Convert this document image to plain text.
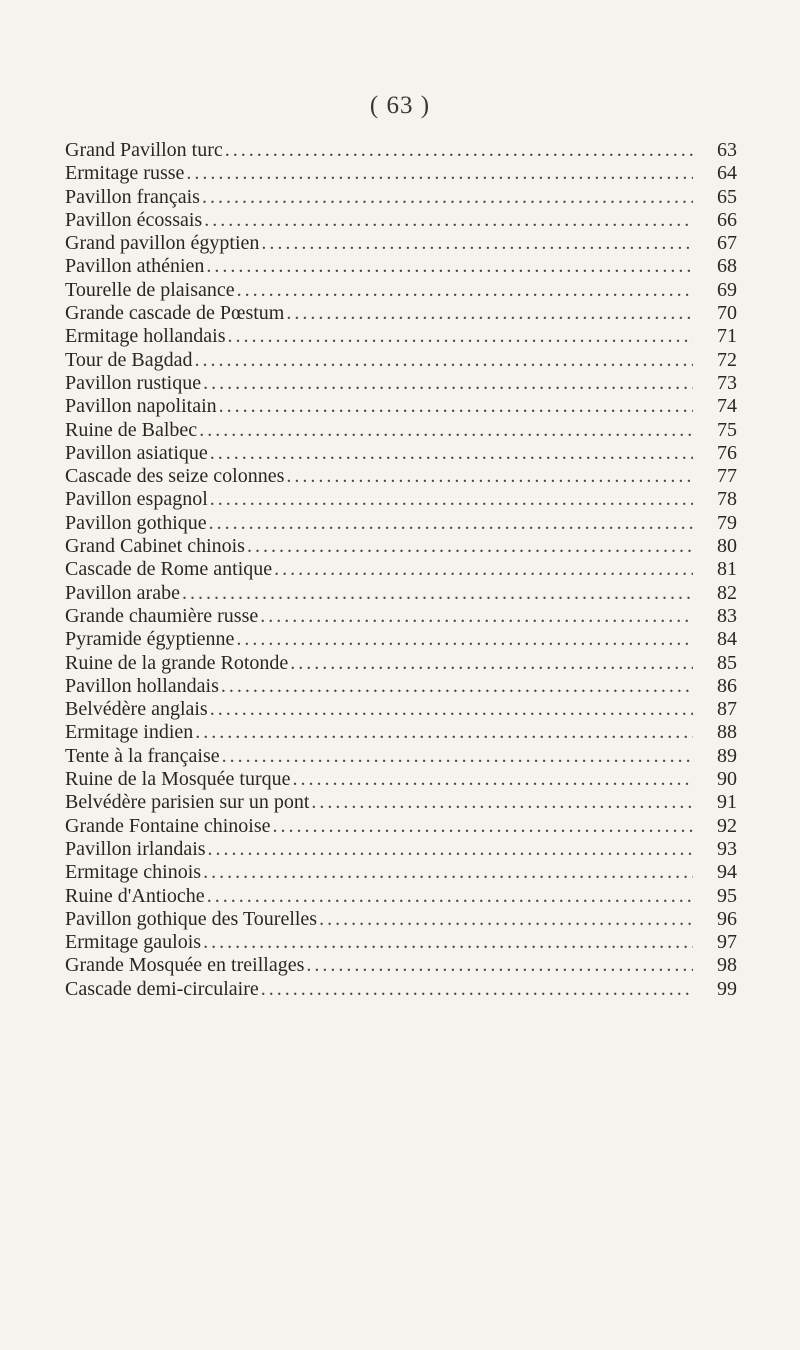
( 63 )
Grand Pavillon turc . . .	63
Ermitage russe . . .	64
Pavillon français . . .	65
Pavillon écossais . . .	66
Grand pavillon égyptien . . .	67
Pavillon athénien . . .	68
Tourelle de plaisance . . .	69
Grande cascade de Pœstum . . .	70
Ermitage hollandais . . .	71
Tour de Bagdad . . .	72
Pavillon rustique . . .	73
Pavillon napolitain . . .	74
Ruine de Balbec . . .	75
Pavillon asiatique . . .	76
Cascade des seize colonnes . . .	77
Pavillon espagnol . . .	78
Pavillon gothique . . .	79
Grand Cabinet chinois . . .	80
Cascade de Rome antique . . .	81
Pavillon arabe . . .	82
Grande chaumière russe . . .	83
Pyramide égyptienne . . .	84
Ruine de la grande Rotonde . . .	85
Pavillon hollandais . . .	86
Belvédère anglais . . .	87
Ermitage indien . . .	88
Tente à la française . . .	89
Ruine de la Mosquée turque . . .	90
Belvédère parisien sur un pont . . .	91
Grande Fontaine chinoise . . .	92
Pavillon irlandais . . .	93
Ermitage chinois . . .	94
Ruine d'Antioche . . .	95
Pavillon gothique des Tourelles . . .	96
Ermitage gaulois . . .	97
Grande Mosquée en treillages . . .	98
Cascade demi-circulaire . . .	99
